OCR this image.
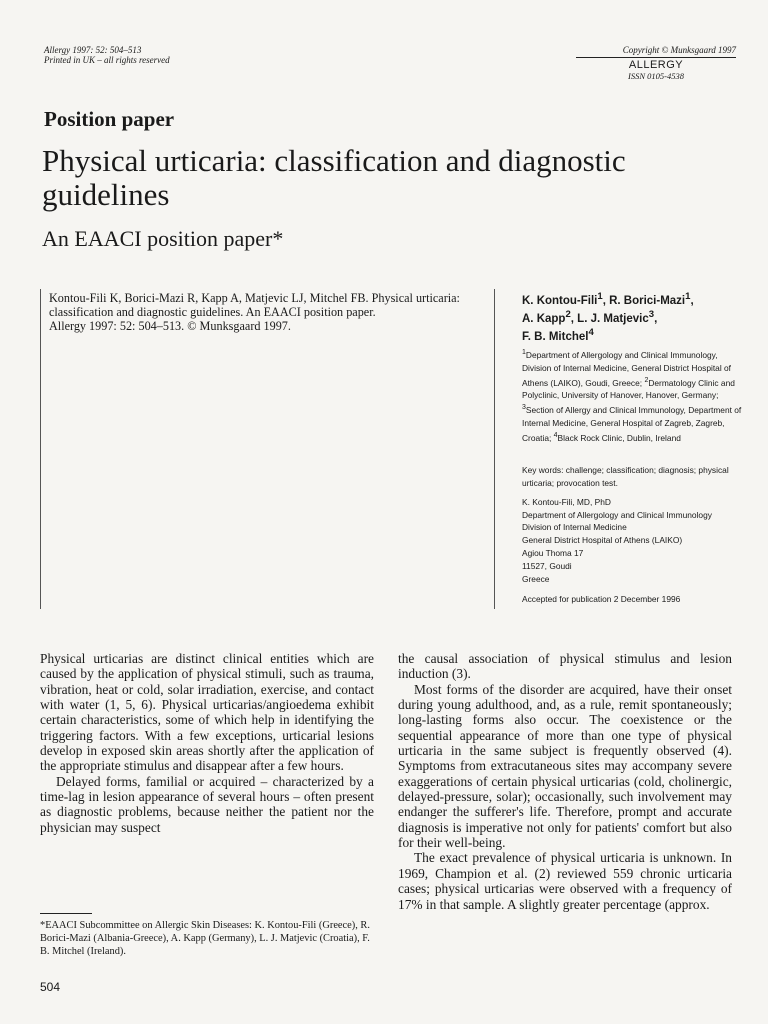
Allergy 1997: 52: 504–513
Printed in UK – all rights reserved
Copyright © Munksgaard 1997
ALLERGY
ISSN 0105-4538
Position paper
Physical urticaria: classification and diagnostic guidelines
An EAACI position paper*
Kontou-Fili K, Borici-Mazi R, Kapp A, Matjevic LJ, Mitchel FB. Physical urticaria: classification and diagnostic guidelines. An EAACI position paper.
Allergy 1997: 52: 504–513. © Munksgaard 1997.
K. Kontou-Fili$^1$, R. Borici-Mazi$^1$,
A. Kapp$^2$, L. J. Matjevic$^3$,
F. B. Mitchel$^4$
$^1$Department of Allergology and Clinical Immunology, Division of Internal Medicine, General District Hospital of Athens (LAIKO), Goudi, Greece; $^2$Dermatology Clinic and Polyclinic, University of Hanover, Hanover, Germany; $^3$Section of Allergy and Clinical Immunology, Department of Internal Medicine, General Hospital of Zagreb, Zagreb, Croatia; $^4$Black Rock Clinic, Dublin, Ireland
Key words: challenge; classification; diagnosis; physical urticaria; provocation test.
K. Kontou-Fili, MD, PhD
Department of Allergology and Clinical Immunology
Division of Internal Medicine
General District Hospital of Athens (LAIKO)
Agiou Thoma 17
11527, Goudi
Greece
Accepted for publication 2 December 1996

Physical urticarias are distinct clinical entities which are caused by the application of physical stimuli, such as trauma, vibration, heat or cold, solar irradiation, exercise, and contact with water (1, 5, 6). Physical urticarias/angioedema exhibit certain characteristics, some of which help in identifying the triggering factors. With a few exceptions, urticarial lesions develop in exposed skin areas shortly after the application of the appropriate stimulus and disappear after a few hours.

Delayed forms, familial or acquired – characterized by a time-lag in lesion appearance of several hours – often present as diagnostic problems, because neither the patient nor the physician may suspect

the causal association of physical stimulus and lesion induction (3).

Most forms of the disorder are acquired, have their onset during young adulthood, and, as a rule, remit spontaneously; long-lasting forms also occur. The coexistence or the sequential appearance of more than one type of physical urticaria in the same subject is frequently observed (4). Symptoms from extracutaneous sites may accompany severe exaggerations of certain physical urticarias (cold, cholinergic, delayed-pressure, solar); occasionally, such involvement may endanger the sufferer's life. Therefore, prompt and accurate diagnosis is imperative not only for patients' comfort but also for their well-being.

The exact prevalence of physical urticaria is unknown. In 1969, Champion et al. (2) reviewed 559 chronic urticaria cases; physical urticarias were observed with a frequency of 17% in that sample. A slightly greater percentage (approx.

*EAACI Subcommittee on Allergic Skin Diseases: K. Kontou-Fili (Greece), R. Borici-Mazi (Albania-Greece), A. Kapp (Germany), L. J. Matjevic (Croatia), F. B. Mitchel (Ireland).
504
